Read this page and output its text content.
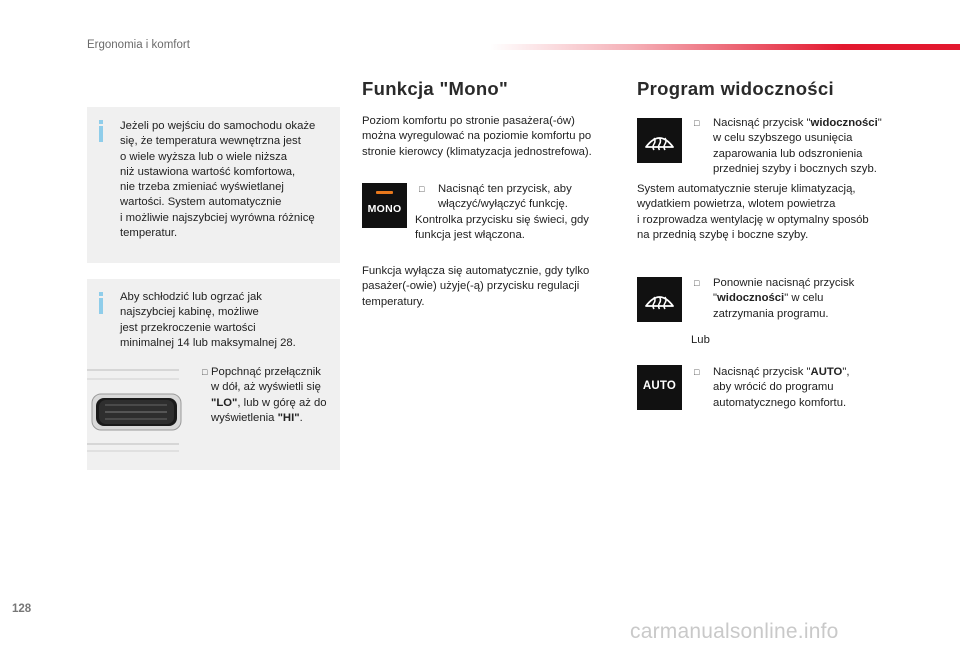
Ergonomia i komfort
Jeżeli po wejściu do samochodu okaże
się, że temperatura wewnętrzna jest
o wiele wyższa lub o wiele niższa
niż ustawiona wartość komfortowa,
nie trzeba zmieniać wyświetlanej
wartości. System automatycznie
i możliwie najszybciej wyrówna różnicę
temperatur.
Aby schłodzić lub ogrzać jak
najszybciej kabinę, możliwe
jest przekroczenie wartości
minimalnej 14 lub maksymalnej 28.
□ Popchnąć przełącznik
w dół, aż wyświetli się
"LO", lub w górę aż do
wyświetlenia "HI".
Funkcja "Mono"
Poziom komfortu po stronie pasażera(-ów)
można wyregulować na poziomie komfortu po
stronie kierowcy (klimatyzacja jednostrefowa).
MONO
□ Nacisnąć ten przycisk, aby
włączyć/wyłączyć funkcję.
Kontrolka przycisku się świeci, gdy
funkcja jest włączona.
Funkcja wyłącza się automatycznie, gdy tylko
pasażer(-owie) użyje(-ą) przycisku regulacji
temperatury.
Program widoczności
□ Nacisnąć przycisk "widoczności"
w celu szybszego usunięcia
zaparowania lub odszronienia
przedniej szyby i bocznych szyb.
System automatycznie steruje klimatyzacją,
wydatkiem powietrza, wlotem powietrza
i rozprowadza wentylację w optymalny sposób
na przednią szybę i boczne szyby.
□ Ponownie nacisnąć przycisk
"widoczności" w celu
zatrzymania programu.
Lub
AUTO
□ Nacisnąć przycisk "AUTO",
aby wrócić do programu
automatycznego komfortu.
128
carmanualsonline.info
